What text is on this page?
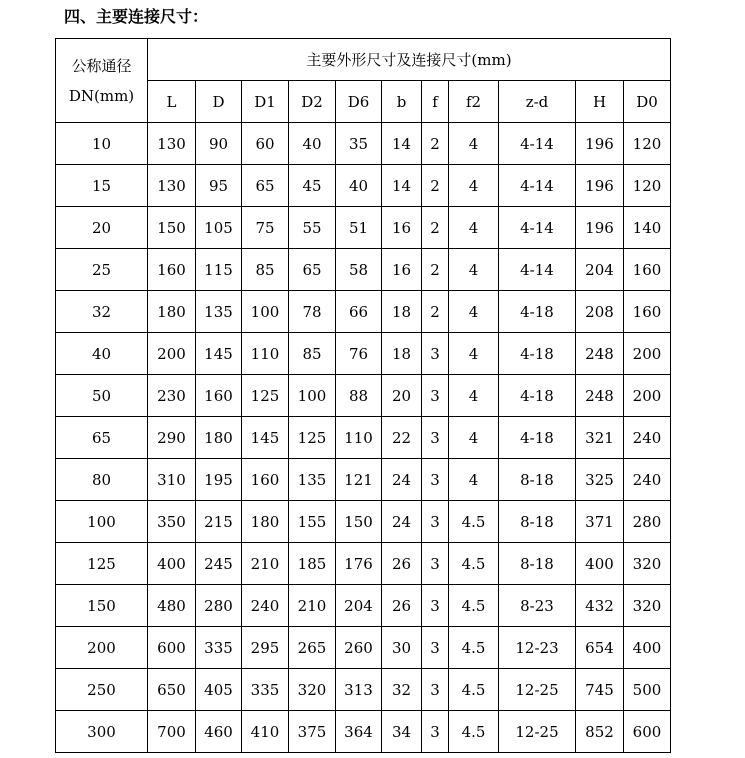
四、主要连接尺寸：
公称通径
DN(mm)	主要外形尺寸及连接尺寸(mm)										
	L	D	D1	D2	D6	b	f	f2	z-d	H	D0
10	130	90	60	40	35	14	2	4	4-14	196	120
15	130	95	65	45	40	14	2	4	4-14	196	120
20	150	105	75	55	51	16	2	4	4-14	196	140
25	160	115	85	65	58	16	2	4	4-14	204	160
32	180	135	100	78	66	18	2	4	4-18	208	160
40	200	145	110	85	76	18	3	4	4-18	248	200
50	230	160	125	100	88	20	3	4	4-18	248	200
65	290	180	145	125	110	22	3	4	4-18	321	240
80	310	195	160	135	121	24	3	4	8-18	325	240
100	350	215	180	155	150	24	3	4.5	8-18	371	280
125	400	245	210	185	176	26	3	4.5	8-18	400	320
150	480	280	240	210	204	26	3	4.5	8-23	432	320
200	600	335	295	265	260	30	3	4.5	12-23	654	400
250	650	405	335	320	313	32	3	4.5	12-25	745	500
300	700	460	410	375	364	34	3	4.5	12-25	852	600
